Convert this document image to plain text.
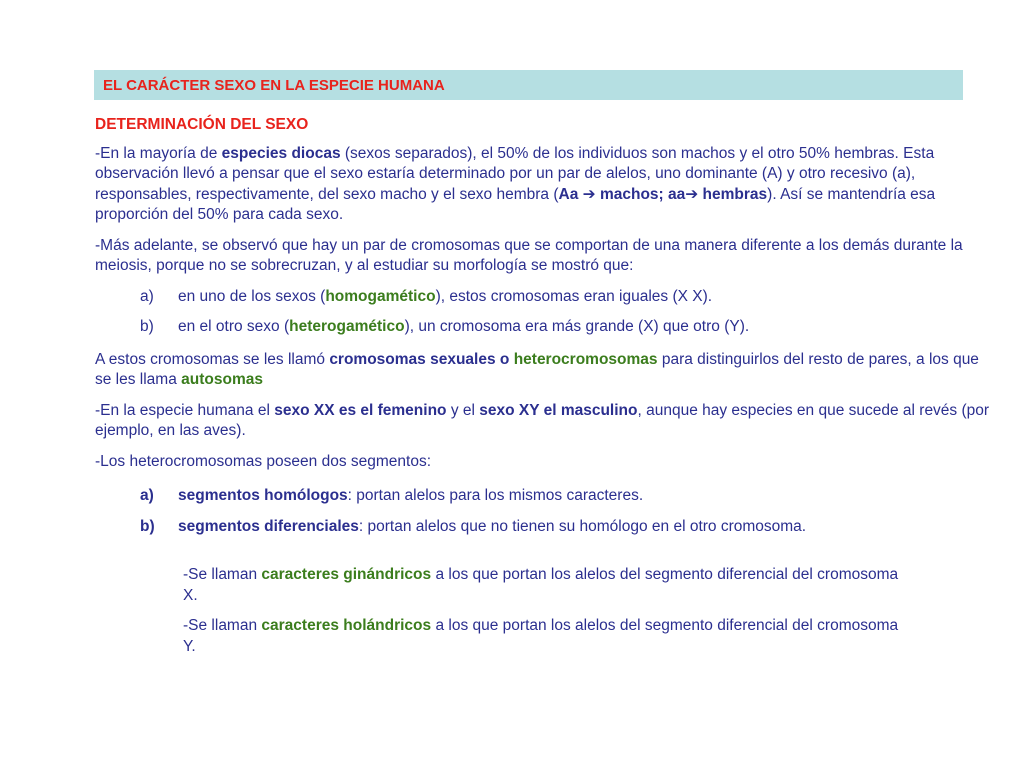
EL CARÁCTER SEXO EN LA ESPECIE HUMANA
DETERMINACIÓN DEL SEXO

-En la mayoría de especies diocas (sexos separados), el 50% de los individuos son machos y el otro 50% hembras. Esta observación llevó a pensar que el sexo estaría determinado por un par de alelos, uno dominante (A) y otro recesivo (a), responsables, respectivamente, del sexo macho y el sexo hembra (Aa ➔ machos; aa➔ hembras). Así se mantendría esa proporción del 50% para cada sexo.

-Más adelante, se observó que hay un par de cromosomas que se comportan de una manera diferente a los demás durante la meiosis, porque no se sobrecruzan, y al estudiar su morfología se mostró que:

a)	en uno de los sexos (homogamético), estos cromosomas eran iguales (X X).
b)	en el otro sexo (heterogamético), un cromosoma era más grande (X) que otro (Y).

A estos cromosomas se les llamó cromosomas sexuales o heterocromosomas para distinguirlos del resto de pares, a los que se les llama autosomas

-En la especie humana el sexo XX es el femenino y el sexo XY el masculino, aunque hay especies en que sucede al revés (por ejemplo, en las aves).

-Los heterocromosomas poseen dos segmentos:

a)	segmentos homólogos: portan alelos para los mismos caracteres.
b)	segmentos diferenciales: portan alelos que no tienen su homólogo en el otro cromosoma.

-Se llaman caracteres ginándricos a los que portan los alelos del segmento diferencial del cromosoma X.

-Se llaman caracteres holándricos a los que portan los alelos del segmento diferencial del cromosoma Y.
